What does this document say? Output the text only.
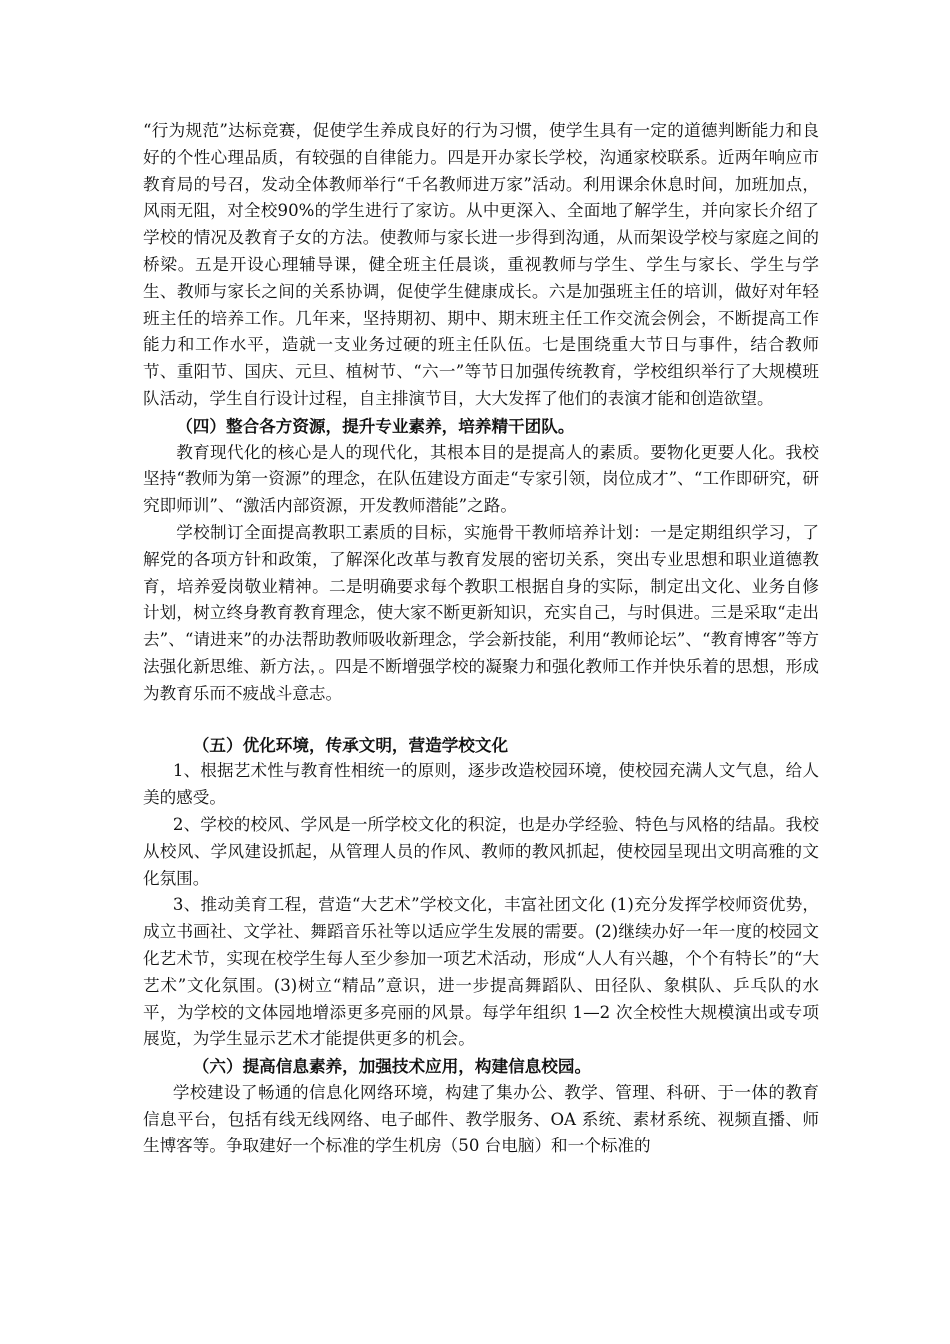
“行为规范”达标竞赛，促使学生养成良好的行为习惯，使学生具有一定的道德判断能力和良好的个性心理品质，有较强的自律能力。四是开办家长学校，沟通家校联系。近两年响应市教育局的号召，发动全体教师举行“千名教师进万家”活动。利用课余休息时间，加班加点，风雨无阻，对全校90%的学生进行了家访。从中更深入、全面地了解学生，并向家长介绍了学校的情况及教育子女的方法。使教师与家长进一步得到沟通，从而架设学校与家庭之间的桥梁。五是开设心理辅导课，健全班主任晨谈，重视教师与学生、学生与家长、学生与学生、教师与家长之间的关系协调，促使学生健康成长。六是加强班主任的培训，做好对年轻班主任的培养工作。几年来，坚持期初、期中、期末班主任工作交流会例会，不断提高工作能力和工作水平，造就一支业务过硬的班主任队伍。七是围绕重大节日与事件，结合教师节、重阳节、国庆、元旦、植树节、“六一”等节日加强传统教育，学校组织举行了大规模班队活动，学生自行设计过程，自主排演节目，大大发挥了他们的表演才能和创造欲望。

（四）整合各方资源，提升专业素养，培养精干团队。

教育现代化的核心是人的现代化，其根本目的是提高人的素质。要物化更要人化。我校坚持“教师为第一资源”的理念，在队伍建设方面走“专家引领，岗位成才”、“工作即研究，研究即师训”、“激活内部资源，开发教师潜能”之路。

学校制订全面提高教职工素质的目标，实施骨干教师培养计划：一是定期组织学习，了解党的各项方针和政策，了解深化改革与教育发展的密切关系，突出专业思想和职业道德教育，培养爱岗敬业精神。二是明确要求每个教职工根据自身的实际，制定出文化、业务自修计划，树立终身教育教育理念，使大家不断更新知识，充实自己，与时俱进。三是采取“走出去”、“请进来”的办法帮助教师吸收新理念，学会新技能，利用“教师论坛”、“教育博客”等方法强化新思维、新方法，。四是不断增强学校的凝聚力和强化教师工作并快乐着的思想，形成为教育乐而不疲战斗意志。

（五）优化环境，传承文明，营造学校文化

1、根据艺术性与教育性相统一的原则，逐步改造校园环境，使校园充满人文气息，给人美的感受。

2、学校的校风、学风是一所学校文化的积淀，也是办学经验、特色与风格的结晶。我校从校风、学风建设抓起，从管理人员的作风、教师的教风抓起，使校园呈现出文明高雅的文化氛围。

3、推动美育工程，营造“大艺术”学校文化，丰富社团文化 (1)充分发挥学校师资优势，成立书画社、文学社、舞蹈音乐社等以适应学生发展的需要。(2)继续办好一年一度的校园文化艺术节，实现在校学生每人至少参加一项艺术活动，形成“人人有兴趣，个个有特长”的“大艺术”文化氛围。(3)树立“精品”意识，进一步提高舞蹈队、田径队、象棋队、乒乓队的水平，为学校的文体园地增添更多亮丽的风景。每学年组织 1—2 次全校性大规模演出或专项展览，为学生显示艺术才能提供更多的机会。

（六）提高信息素养，加强技术应用，构建信息校园。

学校建设了畅通的信息化网络环境，构建了集办公、教学、管理、科研、于一体的教育信息平台，包括有线无线网络、电子邮件、教学服务、OA 系统、素材系统、视频直播、师生博客等。争取建好一个标准的学生机房（50 台电脑）和一个标准的
